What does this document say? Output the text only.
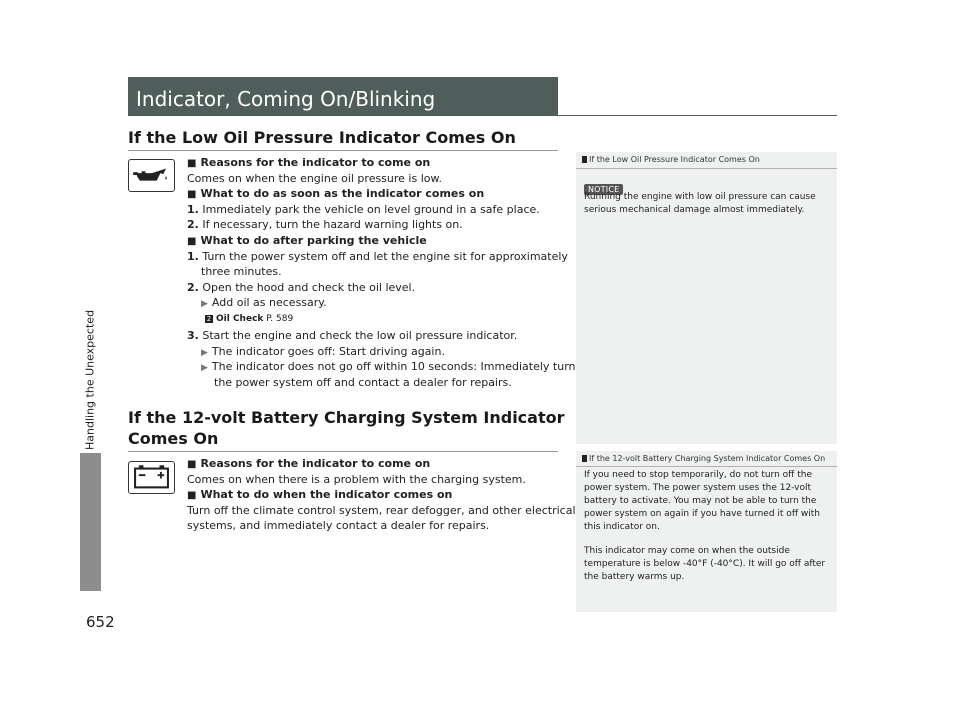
Indicator, Coming On/Blinking
Handling the Unexpected
652
If the Low Oil Pressure Indicator Comes On
■ Reasons for the indicator to come on
Comes on when the engine oil pressure is low.
■ What to do as soon as the indicator comes on
1. Immediately park the vehicle on level ground in a safe place.
2. If necessary, turn the hazard warning lights on.
■ What to do after parking the vehicle
1. Turn the power system off and let the engine sit for approximately
three minutes.
2. Open the hood and check the oil level.
▶ Add oil as necessary.
2 Oil Check P. 589
3. Start the engine and check the low oil pressure indicator.
▶ The indicator goes off: Start driving again.
▶ The indicator does not go off within 10 seconds: Immediately turn
the power system off and contact a dealer for repairs.
If the 12-volt Battery Charging System Indicator
Comes On
■ Reasons for the indicator to come on
Comes on when there is a problem with the charging system.
■ What to do when the indicator comes on
Turn off the climate control system, rear defogger, and other electrical
systems, and immediately contact a dealer for repairs.
If the Low Oil Pressure Indicator Comes On
NOTICE
Running the engine with low oil pressure can cause
serious mechanical damage almost immediately.
If the 12-volt Battery Charging System Indicator Comes On
If you need to stop temporarily, do not turn off the
power system. The power system uses the 12-volt
battery to activate. You may not be able to turn the
power system on again if you have turned it off with
this indicator on.
This indicator may come on when the outside
temperature is below -40°F (-40°C). It will go off after
the battery warms up.
